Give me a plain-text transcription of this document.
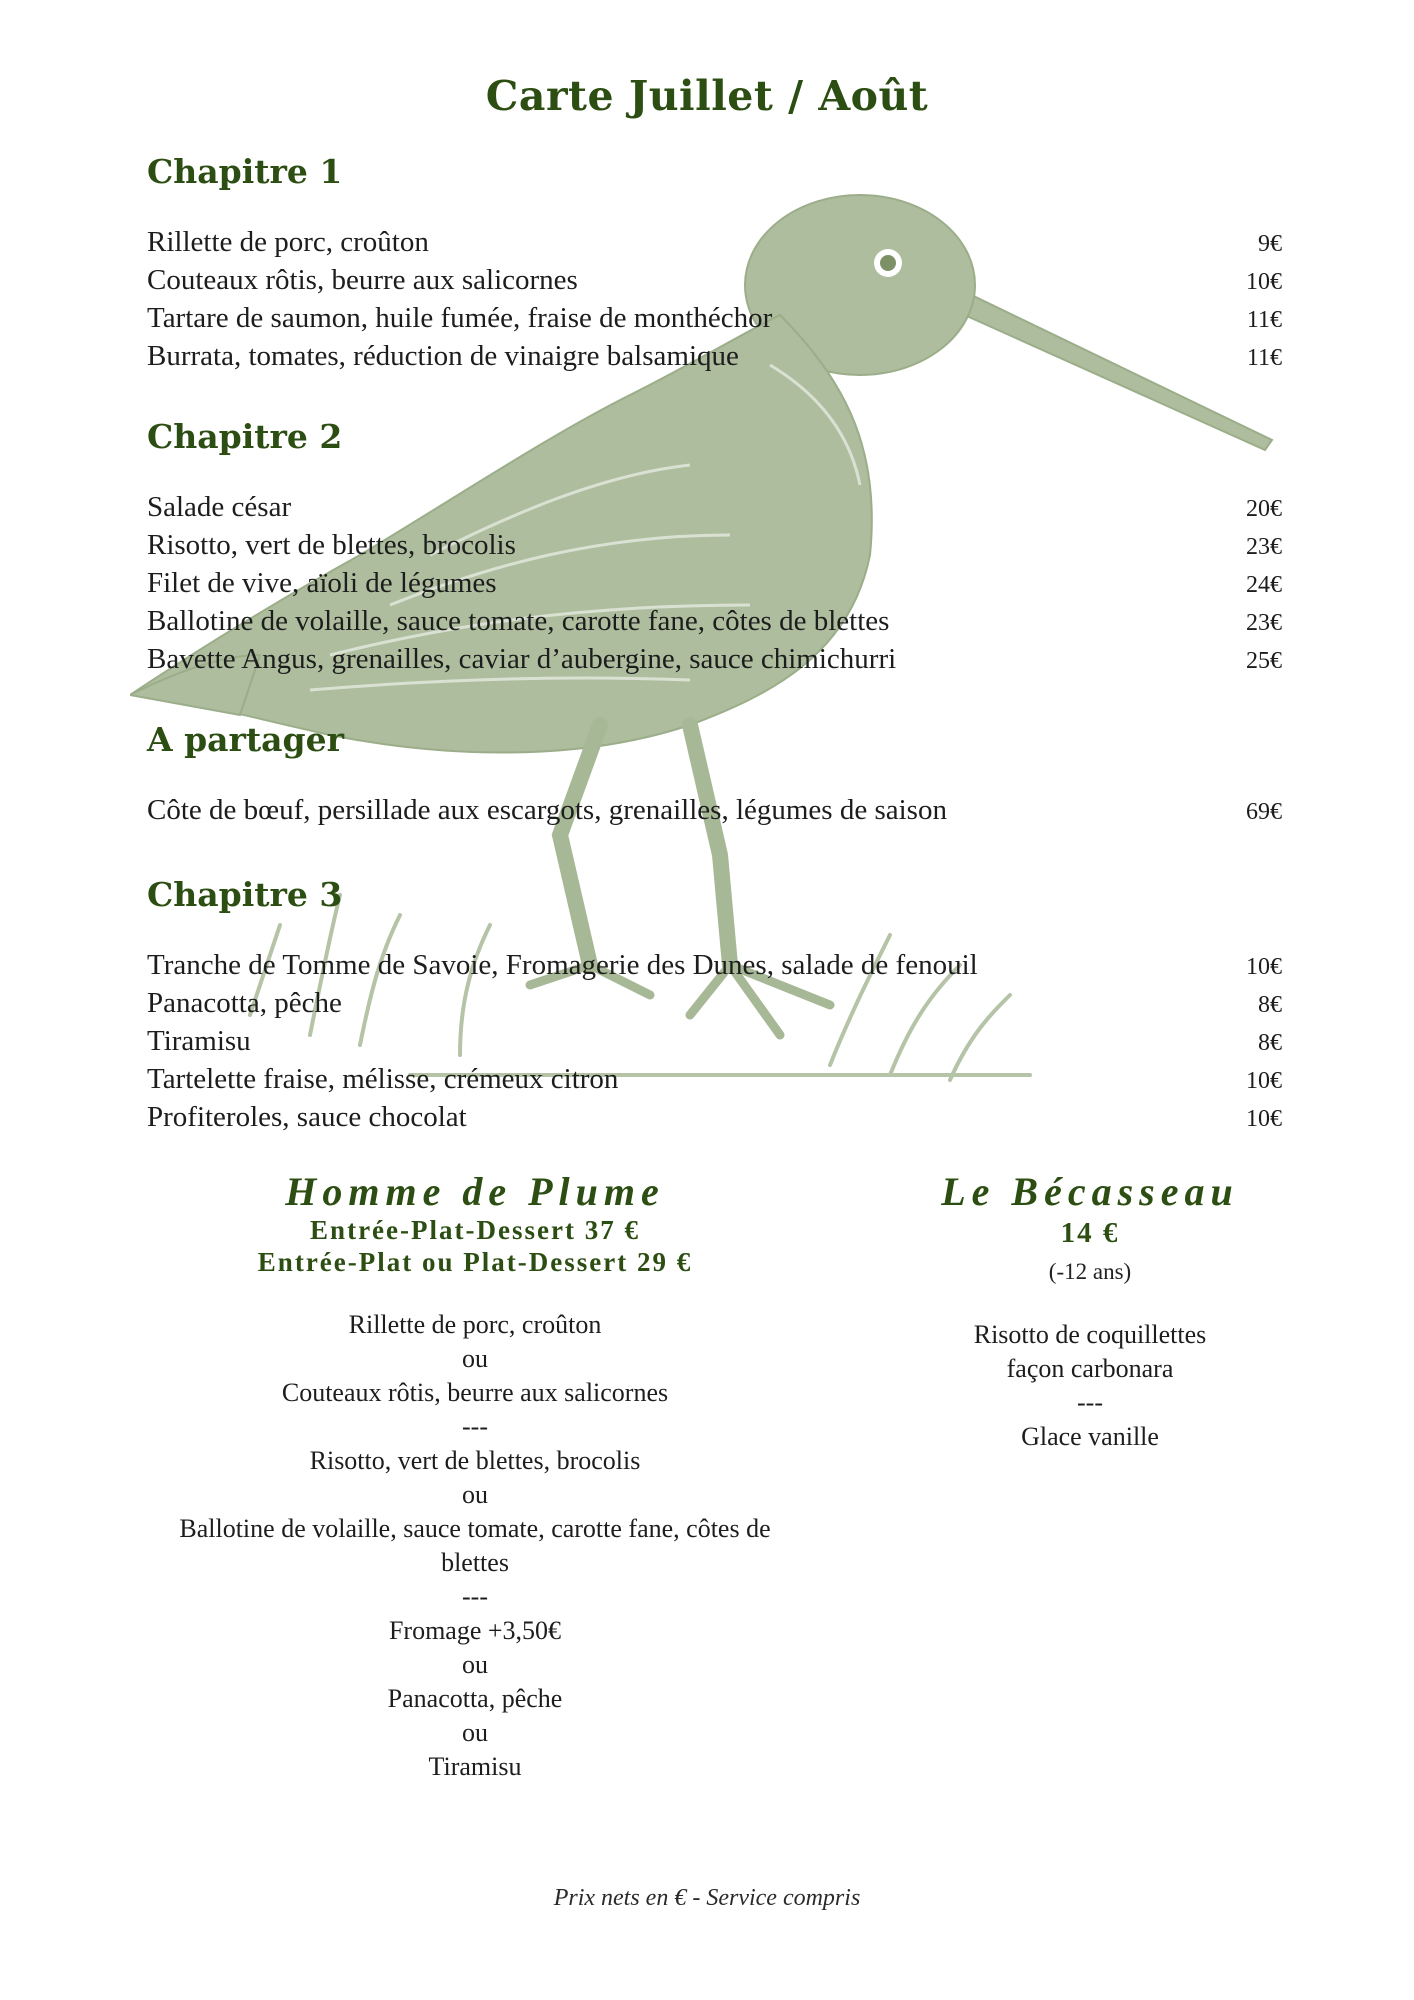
Carte Juillet / Août
Chapitre 1
Rillette de porc, croûton	9€
Couteaux rôtis, beurre aux salicornes	10€
Tartare de saumon, huile fumée, fraise de monthéchor	11€
Burrata, tomates, réduction de vinaigre balsamique	11€
Chapitre 2
Salade césar	20€
Risotto, vert de blettes, brocolis	23€
Filet de vive, aïoli de légumes	24€
Ballotine de volaille, sauce tomate, carotte fane, côtes de blettes	23€
Bavette Angus, grenailles, caviar d’aubergine, sauce chimichurri	25€
A partager
Côte de bœuf, persillade aux escargots, grenailles, légumes de saison	69€
Chapitre 3
Tranche de Tomme de Savoie, Fromagerie des Dunes, salade de fenouil	10€
Panacotta, pêche	8€
Tiramisu	8€
Tartelette fraise, mélisse, crémeux citron	10€
Profiteroles, sauce chocolat	10€
Homme de Plume
Entrée-Plat-Dessert 37 €
Entrée-Plat ou Plat-Dessert 29 €
Rillette de porc, croûton
ou
Couteaux rôtis, beurre aux salicornes
---
Risotto, vert de blettes, brocolis
ou
Ballotine de volaille, sauce tomate, carotte fane, côtes de
blettes
---
Fromage +3,50€
ou
Panacotta, pêche
ou
Tiramisu
Le Bécasseau
14 €
(-12 ans)
Risotto de coquillettes
façon carbonara
---
Glace vanille
Prix nets en € - Service compris
